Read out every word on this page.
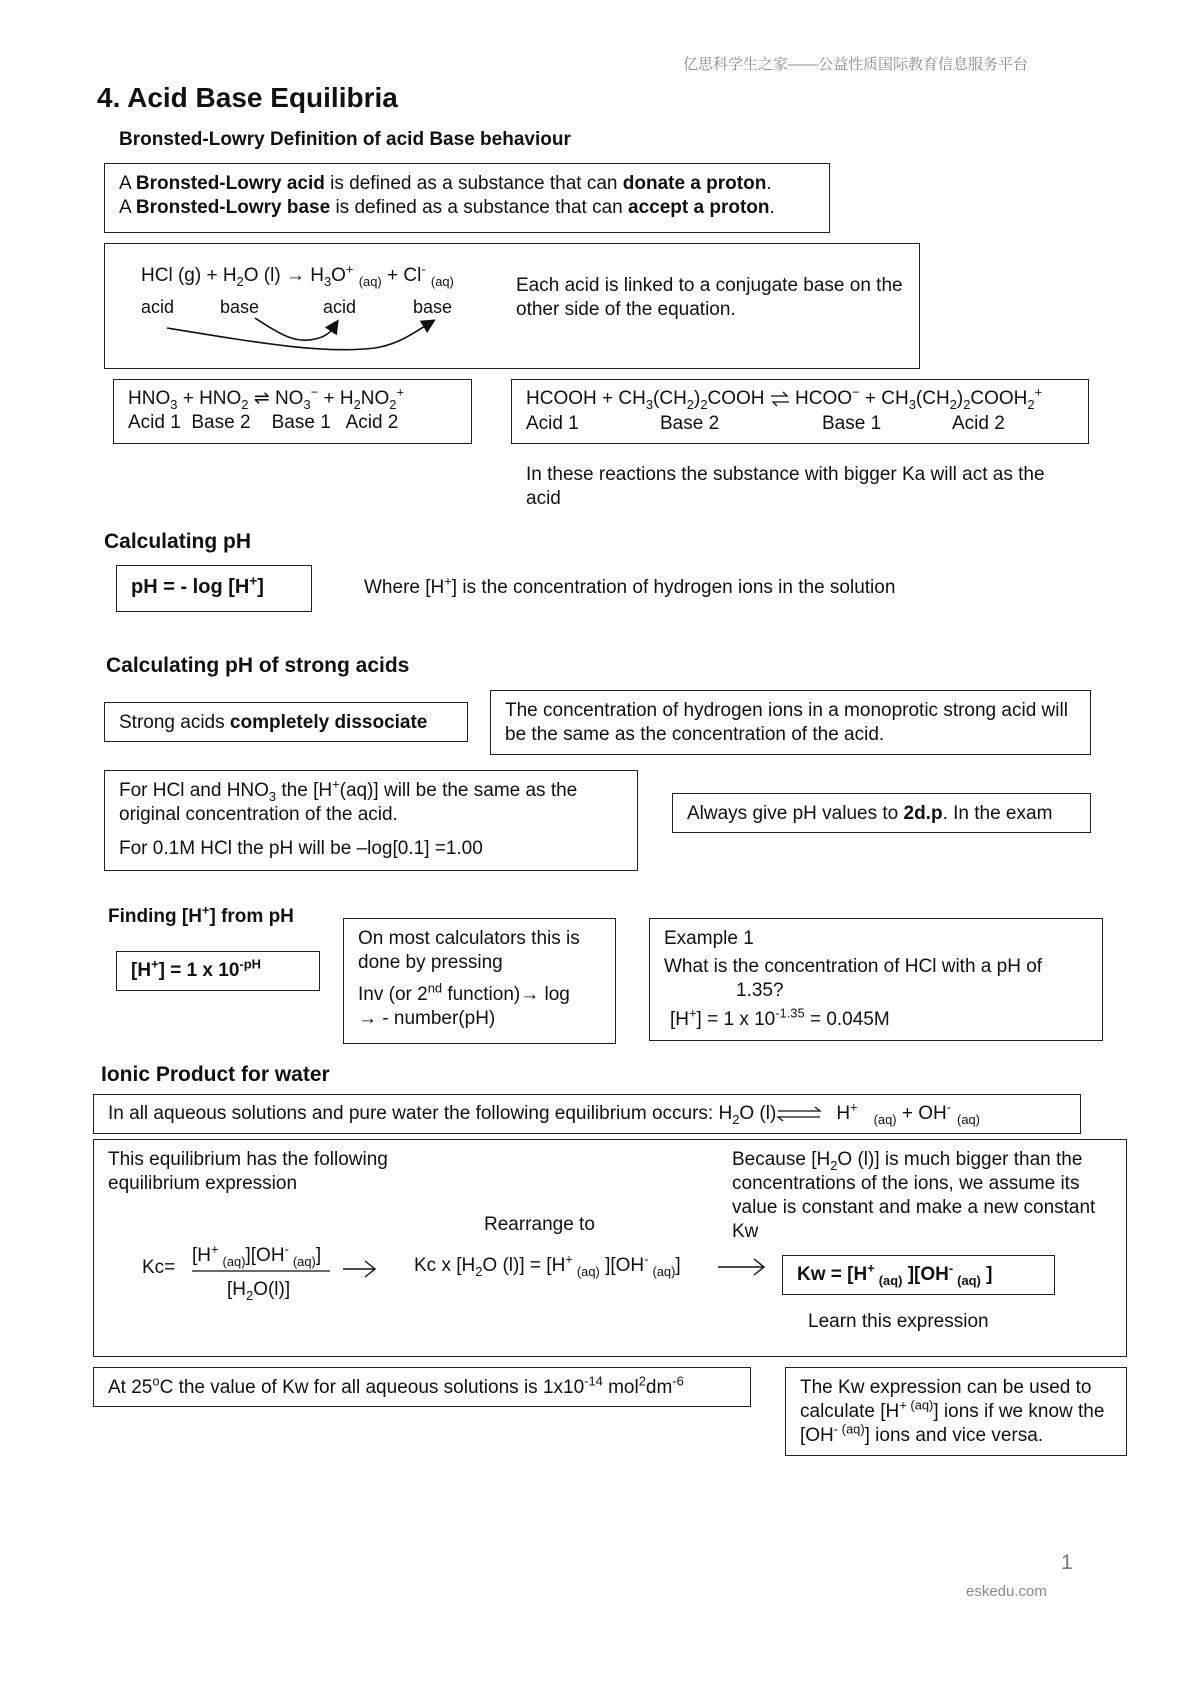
亿思科学生之家——公益性质国际教育信息服务平台
4. Acid Base Equilibria
Bronsted-Lowry Definition of acid Base behaviour
A Bronsted-Lowry acid is defined as a substance that can donate a proton.
A Bronsted-Lowry base is defined as a substance that can accept a proton.
HCl $(g) + H_2O$ $(l) \to H_3O^+$ $_{(aq)}$ + Cl- $_{(aq)}$
acid	base	acid	base
Each acid is linked to a conjugate base on the other side of the equation.
$HNO_3 + HNO_2$ ⇌ $NO_3^- + H_2NO_2^+$
Acid 1  Base 2    Base 1   Acid 2
HCOOH + $CH_3(CH_2)_2COOH$ ⇌ HCOO− + $CH_3(CH_2)_2COOH_2^+$
Acid 1	Base 2	Base 1	Acid 2
In these reactions the substance with bigger Ka will act as the acid
Calculating pH
pH = - log [H+]	Where [H+] is the concentration of hydrogen ions in the solution
Calculating pH of strong acids
Strong acids completely dissociate
The concentration of hydrogen ions in a monoprotic strong acid will be the same as the concentration of the acid.
For HCl and $HNO_3$ the [H+(aq)] will be the same as the original concentration of the acid.
For 0.1M HCl the pH will be –log[0.1] =1.00
Always give pH values to 2d.p. In the exam
Finding [H+] from pH
[H+] = 1 x $10^{-pH}$
On most calculators this is done by pressing
Inv (or 2nd function)→ log
→ - number(pH)
Example 1
What is the concentration of HCl with a pH of 1.35?
[H+] = 1 x $10^{-1.35} = 0.045M$
Ionic Product for water
In all aqueous solutions and pure water the following equilibrium occurs: $H_2O$ (l)⇌ $H^+_{(aq)} + OH^-_{(aq)}$
This equilibrium has the following equilibrium expression
Because [$H_2O$ (l)] is much bigger than the concentrations of the ions, we assume its value is constant and make a new constant Kw
Rearrange to
Kc=
$[H^+_{(aq)}][OH^-_{(aq)}]$
$[H_2O(l)]$
Kc x [$H_2O$ $(l)] = [H^+_{(aq)}$ ]$[OH^-_{(aq)}]$	$Kw = [H^+_{(aq)}$ ][$OH^-_{(aq)}$ ]
Learn this expression
At 25$^o$C the value of Kw for all aqueous solutions is $1x10^{-14}$ $mol^2dm^{-6}$	The Kw expression can be used to calculate $[H^{+ (aq)}]$ ions if we know the $[OH^{- (aq)}]$ ions and vice versa.
1
eskedu.com
